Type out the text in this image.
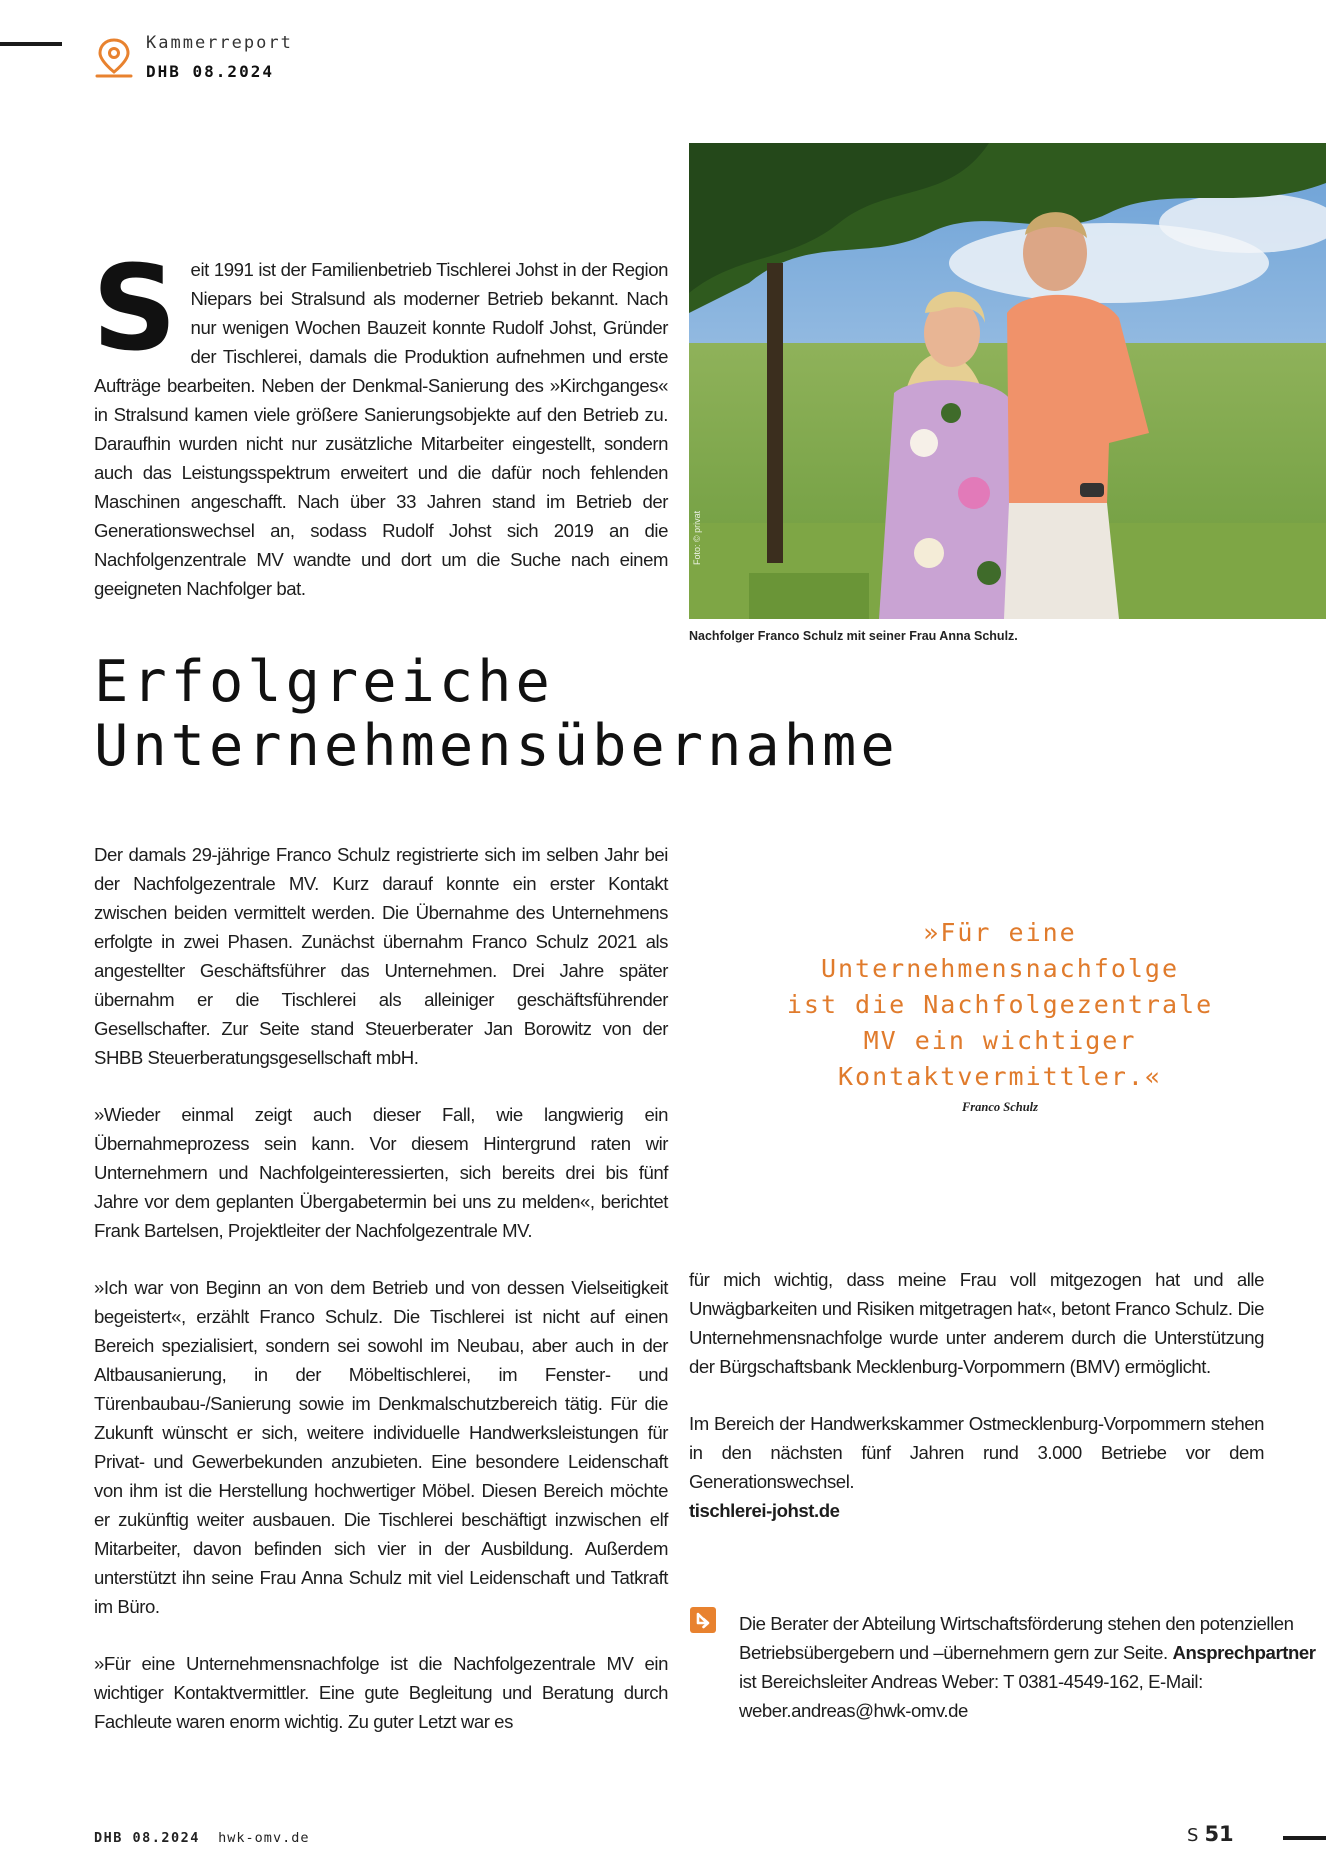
Kammerreport
DHB 08.2024
Seit 1991 ist der Familienbetrieb Tischlerei Johst in der Region Niepars bei Stralsund als moderner Betrieb bekannt. Nach nur wenigen Wochen Bauzeit konnte Rudolf Johst, Gründer der Tischlerei, damals die Produktion aufnehmen und erste Aufträge bearbeiten. Neben der Denkmal-Sanierung des »Kirchganges« in Stralsund kamen viele größere Sanierungsobjekte auf den Betrieb zu. Daraufhin wurden nicht nur zusätzliche Mitarbeiter eingestellt, sondern auch das Leistungsspektrum erweitert und die dafür noch fehlenden Maschinen angeschafft. Nach über 33 Jahren stand im Betrieb der Generationswechsel an, sodass Rudolf Johst sich 2019 an die Nachfolgenzentrale MV wandte und dort um die Suche nach einem geeigneten Nachfolger bat.
Foto: © privat
Nachfolger Franco Schulz mit seiner Frau Anna Schulz.
Erfolgreiche
Unternehmensübernahme

Der damals 29-jährige Franco Schulz registrierte sich im selben Jahr bei der Nachfolgezentrale MV. Kurz darauf konnte ein erster Kontakt zwischen beiden vermittelt werden. Die Übernahme des Unternehmens erfolgte in zwei Phasen. Zunächst übernahm Franco Schulz 2021 als angestellter Geschäftsführer das Unternehmen. Drei Jahre später übernahm er die Tischlerei als alleiniger geschäftsführender Gesellschafter. Zur Seite stand Steuerberater Jan Borowitz von der SHBB Steuerberatungsgesellschaft mbH.

»Wieder einmal zeigt auch dieser Fall, wie langwierig ein Übernahmeprozess sein kann. Vor diesem Hintergrund raten wir Unternehmern und Nachfolgeinteressierten, sich bereits drei bis fünf Jahre vor dem geplanten Übergabetermin bei uns zu melden«, berichtet Frank Bartelsen, Projektleiter der Nachfolgezentrale MV.

»Ich war von Beginn an von dem Betrieb und von dessen Vielseitigkeit begeistert«, erzählt Franco Schulz. Die Tischlerei ist nicht auf einen Bereich spezialisiert, sondern sei sowohl im Neubau, aber auch in der Altbausanierung, in der Möbeltischlerei, im Fenster- und Türenbaubau-/Sanierung sowie im Denkmalschutzbereich tätig. Für die Zukunft wünscht er sich, weitere individuelle Handwerksleistungen für Privat- und Gewerbekunden anzubieten. Eine besondere Leidenschaft von ihm ist die Herstellung hochwertiger Möbel. Diesen Bereich möchte er zukünftig weiter ausbauen. Die Tischlerei beschäftigt inzwischen elf Mitarbeiter, davon befinden sich vier in der Ausbildung. Außerdem unterstützt ihn seine Frau Anna Schulz mit viel Leidenschaft und Tatkraft im Büro.

»Für eine Unternehmensnachfolge ist die Nachfolgezentrale MV ein wichtiger Kontaktvermittler. Eine gute Begleitung und Beratung durch Fachleute waren enorm wichtig. Zu guter Letzt war es

»Für eine
Unternehmensnachfolge
ist die Nachfolgezentrale
MV ein wichtiger
Kontaktvermittler.«
Franco Schulz

für mich wichtig, dass meine Frau voll mitgezogen hat und alle Unwägbarkeiten und Risiken mitgetragen hat«, betont Franco Schulz. Die Unternehmensnachfolge wurde unter anderem durch die Unterstützung der Bürgschaftsbank Mecklenburg-Vorpommern (BMV) ermöglicht.

Im Bereich der Handwerkskammer Ostmecklenburg-Vorpommern stehen in den nächsten fünf Jahren rund 3.000 Betriebe vor dem Generationswechsel.

tischlerei-johst.de
Die Berater der Abteilung Wirtschaftsförderung stehen den potenziellen Betriebsübergebern und –übernehmern gern zur Seite. Ansprechpartner ist Bereichsleiter Andreas Weber: T 0381-4549-162, E-Mail: weber.andreas@hwk-omv.de
DHB 08.2024 hwk-omv.de	S 51
